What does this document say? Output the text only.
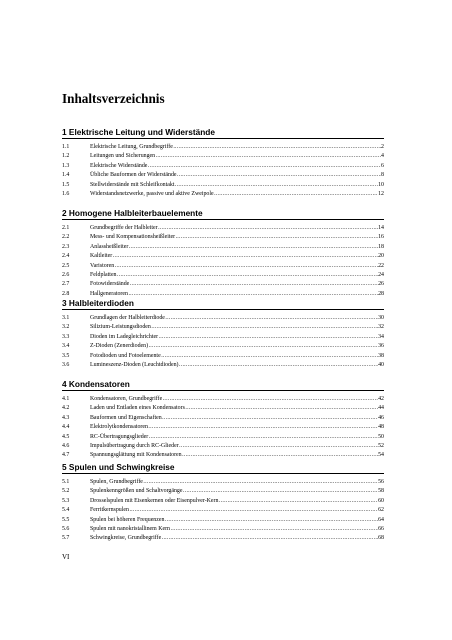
Inhaltsverzeichnis
1 Elektrische Leitung und Widerstände
1.1	Elektrische Leitung, Grundbegriffe .....	2
1.2	Leitungen und Sicherungen .....	4
1.3	Elektrische Widerstände .....	6
1.4	Übliche Bauformen der Widerstände .....	8
1.5	Stellwiderstände mit Schleifkontakt .....	10
1.6	Widerstandsnetzwerke, passive und aktive Zweipole .....	12
2 Homogene Halbleiterbauelemente
2.1	Grundbegriffe der Halbleiter .....	14
2.2	Mess- und Kompensationsheißleiter .....	16
2.3	Anlassheißleiter .....	18
2.4	Kaltleiter .....	20
2.5	Varistoren .....	22
2.6	Feldplatten .....	24
2.7	Fotowiderstände .....	26
2.8	Hallgeneratoren .....	28
3 Halbleiterdioden
3.1	Grundlagen der Halbleiterdiode .....	30
3.2	Silizium-Leistungsdioden .....	32
3.3	Dioden im Ladegleichrichter .....	34
3.4	Z-Dioden (Zenerdioden) .....	36
3.5	Fotodioden und Fotoelemente .....	38
3.6	Lumineszenz-Dioden (Leuchtdioden) .....	40
4 Kondensatoren
4.1	Kondensatoren, Grundbegriffe .....	42
4.2	Laden und Entladen eines Kondensators .....	44
4.3	Bauformen und Eigenschaften .....	46
4.4	Elektrolytkondensatoren .....	48
4.5	RC-Übertragungsglieder .....	50
4.6	Impulsübertragung durch RC-Glieder .....	52
4.7	Spannungsglättung mit Kondensatoren .....	54
5 Spulen und Schwingkreise
5.1	Spulen, Grundbegriffe .....	56
5.2	Spulenkenngrößen und Schaltvorgänge .....	58
5.3	Drosselspulen mit Eisenkernen oder Eisenpulver-Kern .....	60
5.4	Ferritkernspulen .....	62
5.5	Spulen bei höheren Frequenzen .....	64
5.6	Spulen mit nanokristallinem Kern .....	66
5.7	Schwingkreise, Grundbegriffe .....	68
VI
